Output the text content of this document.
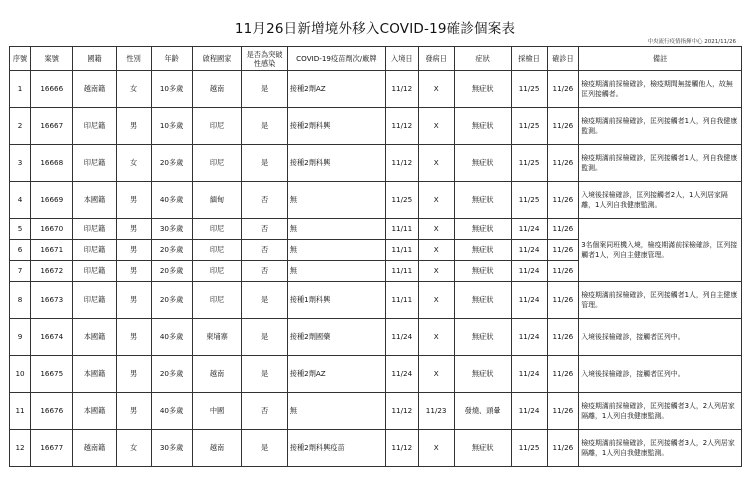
11月26日新增境外移入COVID-19確診個案表
中央流行疫情指揮中心 2021/11/26
序號	案號	國籍	性別	年齡	啟程國家	是否為突破性感染	COVID-19疫苗劑次/廠牌	入境日	發病日	症狀	採檢日	確診日	備註
1	16666	越南籍	女	10多歲	越南	是	接種2劑AZ	11/12	X	無症狀	11/25	11/26	檢疫期滿前採檢確診，檢疫期間無接觸他人，故無匡列接觸者。
2	16667	印尼籍	男	10多歲	印尼	是	接種2劑科興	11/12	X	無症狀	11/25	11/26	檢疫期滿前採檢確診，匡列接觸者1人，列自我健康監測。
3	16668	印尼籍	女	20多歲	印尼	是	接種2劑科興	11/12	X	無症狀	11/25	11/26	檢疫期滿前採檢確診，匡列接觸者1人，列自我健康監測。
4	16669	本國籍	男	40多歲	緬甸	否	無	11/25	X	無症狀	11/25	11/26	入境後採檢確診，匡列接觸者2人，1人列居家隔離，1人列自我健康監測。
5	16670	印尼籍	男	30多歲	印尼	否	無	11/11	X	無症狀	11/24	11/26	3名個案同班機入境，檢疫期滿前採檢確診，匡列接觸者1人，列自主健康管理。
6	16671	印尼籍	男	20多歲	印尼	否	無	11/11	X	無症狀	11/24	11/26	
7	16672	印尼籍	男	20多歲	印尼	否	無	11/11	X	無症狀	11/24	11/26	
8	16673	印尼籍	男	20多歲	印尼	是	接種1劑科興	11/11	X	無症狀	11/24	11/26	檢疫期滿前採檢確診，匡列接觸者1人，列自主健康管理。
9	16674	本國籍	男	40多歲	柬埔寨	是	接種2劑國藥	11/24	X	無症狀	11/24	11/26	入境後採檢確診，接觸者匡列中。
10	16675	本國籍	男	20多歲	越南	是	接種2劑AZ	11/24	X	無症狀	11/24	11/26	入境後採檢確診，接觸者匡列中。
11	16676	本國籍	男	40多歲	中國	否	無	11/12	11/23	發燒、頭暈	11/24	11/26	檢疫期滿前採檢確診，匡列接觸者3人，2人列居家隔離，1人列自我健康監測。
12	16677	越南籍	女	30多歲	越南	是	接種2劑科興疫苗	11/12	X	無症狀	11/25	11/26	檢疫期滿前採檢確診，匡列接觸者3人，2人列居家隔離，1人列自我健康監測。
